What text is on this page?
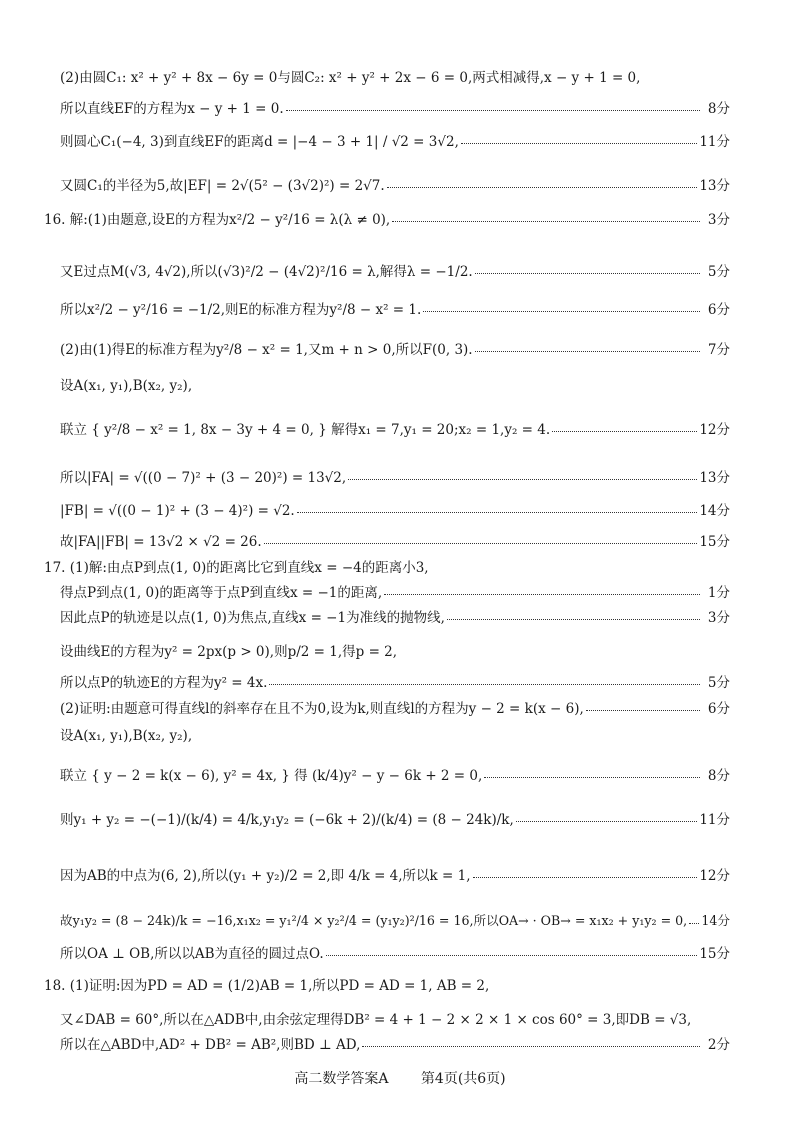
(2)由圆C₁: x² + y² + 8x − 6y = 0与圆C₂: x² + y² + 2x − 6 = 0,两式相减得,x − y + 1 = 0,
所以直线EF的方程为x − y + 1 = 0.	8分
则圆心C₁(−4, 3)到直线EF的距离d = |−4 − 3 + 1| / √2 = 3√2,	11分
又圆C₁的半径为5,故|EF| = 2√(5² − (3√2)²) = 2√7.	13分
16. 解:(1)由题意,设E的方程为x²/2 − y²/16 = λ(λ ≠ 0),	3分
又E过点M(√3, 4√2),所以(√3)²/2 − (4√2)²/16 = λ,解得λ = −1/2.	5分
所以x²/2 − y²/16 = −1/2,则E的标准方程为y²/8 − x² = 1.	6分
(2)由(1)得E的标准方程为y²/8 − x² = 1,又m + n > 0,所以F(0, 3).	7分
设A(x₁, y₁),B(x₂, y₂),
联立 { y²/8 − x² = 1, 8x − 3y + 4 = 0, } 解得x₁ = 7,y₁ = 20;x₂ = 1,y₂ = 4.	12分
所以|FA| = √((0 − 7)² + (3 − 20)²) = 13√2,	13分
|FB| = √((0 − 1)² + (3 − 4)²) = √2.	14分
故|FA||FB| = 13√2 × √2 = 26.	15分
17. (1)解:由点P到点(1, 0)的距离比它到直线x = −4的距离小3,
得点P到点(1, 0)的距离等于点P到直线x = −1的距离,	1分
因此点P的轨迹是以点(1, 0)为焦点,直线x = −1为准线的抛物线,	3分
设曲线E的方程为y² = 2px(p > 0),则p/2 = 1,得p = 2,
所以点P的轨迹E的方程为y² = 4x.	5分
(2)证明:由题意可得直线l的斜率存在且不为0,设为k,则直线l的方程为y − 2 = k(x − 6),	6分
设A(x₁, y₁),B(x₂, y₂),
联立 { y − 2 = k(x − 6), y² = 4x, } 得 (k/4)y² − y − 6k + 2 = 0,	8分
则y₁ + y₂ = −(−1)/(k/4) = 4/k,y₁y₂ = (−6k + 2)/(k/4) = (8 − 24k)/k,	11分
因为AB的中点为(6, 2),所以(y₁ + y₂)/2 = 2,即 4/k = 4,所以k = 1,	12分
故y₁y₂ = (8 − 24k)/k = −16,x₁x₂ = y₁²/4 × y₂²/4 = (y₁y₂)²/16 = 16,所以OA→ · OB→ = x₁x₂ + y₁y₂ = 0, 14分
所以OA ⊥ OB,所以以AB为直径的圆过点O.	15分
18. (1)证明:因为PD = AD = (1/2)AB = 1,所以PD = AD = 1, AB = 2,
又∠DAB = 60°,所以在△ADB中,由余弦定理得DB² = 4 + 1 − 2 × 2 × 1 × cos 60° = 3,即DB = √3,
所以在△ABD中,AD² + DB² = AB²,则BD ⊥ AD,	2分
高二数学答案A 第4页(共6页)
